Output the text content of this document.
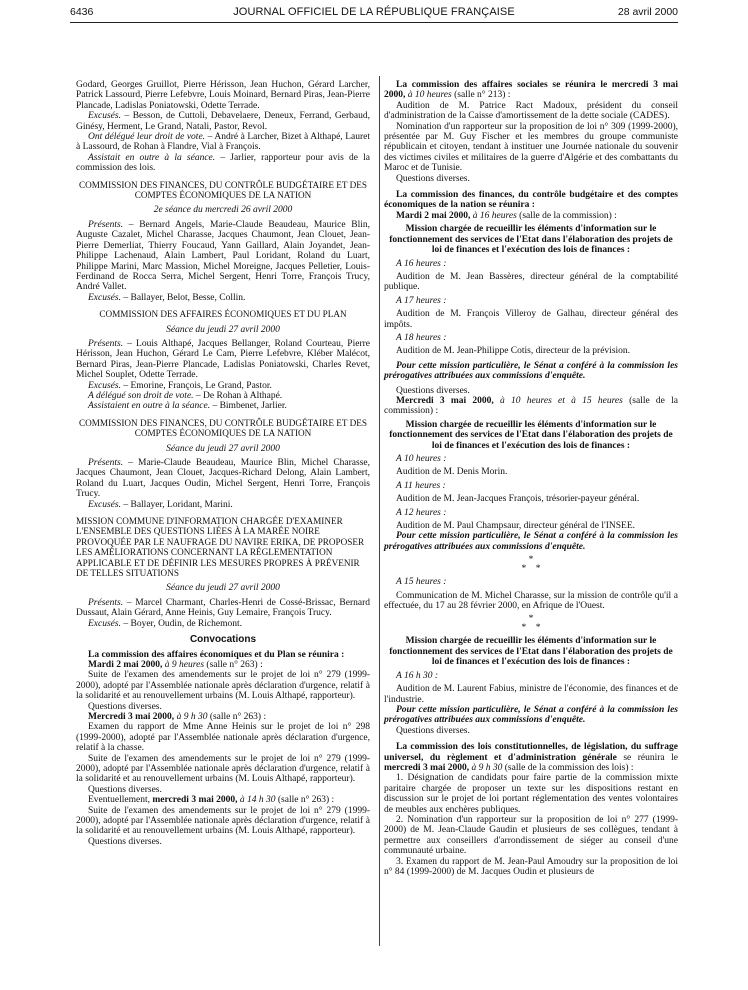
6436	JOURNAL OFFICIEL DE LA RÉPUBLIQUE FRANÇAISE	28 avril 2000

Godard, Georges Gruillot, Pierre Hérisson, Jean Huchon, Gérard Larcher, Patrick Lassourd, Pierre Lefebvre, Louis Moinard, Bernard Piras, Jean-Pierre Plancade, Ladislas Poniatowski, Odette Terrade.

Excusés. – Besson, de Cuttoli, Debavelaere, Deneux, Ferrand, Gerbaud, Ginésy, Herment, Le Grand, Natali, Pastor, Revol.

Ont délégué leur droit de vote. – André à Larcher, Bizet à Althapé, Lauret à Lassourd, de Rohan à Flandre, Vial à François.

Assistait en outre à la séance. – Jarlier, rapporteur pour avis de la commission des lois.

COMMISSION DES FINANCES, DU CONTRÔLE BUDGÉTAIRE ET DES COMPTES ÉCONOMIQUES DE LA NATION

2e séance du mercredi 26 avril 2000

Présents. – Bernard Angels, Marie-Claude Beaudeau, Maurice Blin, Auguste Cazalet, Michel Charasse, Jacques Chaumont, Jean Clouet, Jean-Pierre Demerliat, Thierry Foucaud, Yann Gaillard, Alain Joyandet, Jean-Philippe Lachenaud, Alain Lambert, Paul Loridant, Roland du Luart, Philippe Marini, Marc Massion, Michel Moreigne, Jacques Pelletier, Louis-Ferdinand de Rocca Serra, Michel Sergent, Henri Torre, François Trucy, André Vallet.

Excusés. – Ballayer, Belot, Besse, Collin.

COMMISSION DES AFFAIRES ÉCONOMIQUES ET DU PLAN

Séance du jeudi 27 avril 2000

Présents. – Louis Althapé, Jacques Bellanger, Roland Courteau, Pierre Hérisson, Jean Huchon, Gérard Le Cam, Pierre Lefebvre, Kléber Malécot, Bernard Piras, Jean-Pierre Plancade, Ladislas Poniatowski, Charles Revet, Michel Souplet, Odette Terrade.

Excusés. – Emorine, François, Le Grand, Pastor.

A délégué son droit de vote. – De Rohan à Althapé.

Assistaient en outre à la séance. – Bimbenet, Jarlier.

COMMISSION DES FINANCES, DU CONTRÔLE BUDGÉTAIRE ET DES COMPTES ÉCONOMIQUES DE LA NATION

Séance du jeudi 27 avril 2000

Présents. – Marie-Claude Beaudeau, Maurice Blin, Michel Charasse, Jacques Chaumont, Jean Clouet, Jacques-Richard Delong, Alain Lambert, Roland du Luart, Jacques Oudin, Michel Sergent, Henri Torre, François Trucy.

Excusés. – Ballayer, Loridant, Marini.

MISSION COMMUNE D'INFORMATION CHARGÉE D'EXAMINER L'ENSEMBLE DES QUESTIONS LIÉES À LA MARÉE NOIRE PROVOQUÉE PAR LE NAUFRAGE DU NAVIRE ERIKA, DE PROPOSER LES AMÉLIORATIONS CONCERNANT LA RÉGLEMENTATION APPLICABLE ET DE DÉFINIR LES MESURES PROPRES À PRÉVENIR DE TELLES SITUATIONS

Séance du jeudi 27 avril 2000

Présents. – Marcel Charmant, Charles-Henri de Cossé-Brissac, Bernard Dussaut, Alain Gérard, Anne Heinis, Guy Lemaire, François Trucy.

Excusés. – Boyer, Oudin, de Richemont.

Convocations

La commission des affaires économiques et du Plan se réunira :

Mardi 2 mai 2000, à 9 heures (salle n° 263) :

Suite de l'examen des amendements sur le projet de loi n° 279 (1999-2000), adopté par l'Assemblée nationale après déclaration d'urgence, relatif à la solidarité et au renouvellement urbains (M. Louis Althapé, rapporteur).

Questions diverses.

Mercredi 3 mai 2000, à 9 h 30 (salle n° 263) :

Examen du rapport de Mme Anne Heinis sur le projet de loi n° 298 (1999-2000), adopté par l'Assemblée nationale après déclaration d'urgence, relatif à la chasse.

Suite de l'examen des amendements sur le projet de loi n° 279 (1999-2000), adopté par l'Assemblée nationale après déclaration d'urgence, relatif à la solidarité et au renouvellement urbains (M. Louis Althapé, rapporteur).

Questions diverses.

Eventuellement, mercredi 3 mai 2000, à 14 h 30 (salle n° 263) :

Suite de l'examen des amendements sur le projet de loi n° 279 (1999-2000), adopté par l'Assemblée nationale après déclaration d'urgence, relatif à la solidarité et au renouvellement urbains (M. Louis Althapé, rapporteur).

Questions diverses.

La commission des affaires sociales se réunira le mercredi 3 mai 2000, à 10 heures (salle n° 213) :

Audition de M. Patrice Ract Madoux, président du conseil d'administration de la Caisse d'amortissement de la dette sociale (CADES).

Nomination d'un rapporteur sur la proposition de loi n° 309 (1999-2000), présentée par M. Guy Fischer et les membres du groupe communiste républicain et citoyen, tendant à instituer une Journée nationale du souvenir des victimes civiles et militaires de la guerre d'Algérie et des combattants du Maroc et de Tunisie.

Questions diverses.

La commission des finances, du contrôle budgétaire et des comptes économiques de la nation se réunira :

Mardi 2 mai 2000, à 16 heures (salle de la commission) :

Mission chargée de recueillir les éléments d'information sur le fonctionnement des services de l'Etat dans l'élaboration des projets de loi de finances et l'exécution des lois de finances :

A 16 heures :

Audition de M. Jean Bassères, directeur général de la comptabilité publique.

A 17 heures :

Audition de M. François Villeroy de Galhau, directeur général des impôts.

A 18 heures :

Audition de M. Jean-Philippe Cotis, directeur de la prévision.

Pour cette mission particulière, le Sénat a conféré à la commission les prérogatives attribuées aux commissions d'enquête.

Questions diverses.

Mercredi 3 mai 2000, à 10 heures et à 15 heures (salle de la commission) :

Mission chargée de recueillir les éléments d'information sur le fonctionnement des services de l'Etat dans l'élaboration des projets de loi de finances et l'exécution des lois de finances :

A 10 heures :

Audition de M. Denis Morin.

A 11 heures :

Audition de M. Jean-Jacques François, trésorier-payeur général.

A 12 heures :

Audition de M. Paul Champsaur, directeur général de l'INSEE.

Pour cette mission particulière, le Sénat a conféré à la commission les prérogatives attribuées aux commissions d'enquête.

*
* *

A 15 heures :

Communication de M. Michel Charasse, sur la mission de contrôle qu'il a effectuée, du 17 au 28 février 2000, en Afrique de l'Ouest.

*
* *

Mission chargée de recueillir les éléments d'information sur le fonctionnement des services de l'Etat dans l'élaboration des projets de loi de finances et l'exécution des lois de finances :

A 16 h 30 :

Audition de M. Laurent Fabius, ministre de l'économie, des finances et de l'industrie.

Pour cette mission particulière, le Sénat a conféré à la commission les prérogatives attribuées aux commissions d'enquête.

Questions diverses.

La commission des lois constitutionnelles, de législation, du suffrage universel, du règlement et d'administration générale se réunira le mercredi 3 mai 2000, à 9 h 30 (salle de la commission des lois) :

1. Désignation de candidats pour faire partie de la commission mixte paritaire chargée de proposer un texte sur les dispositions restant en discussion sur le projet de loi portant réglementation des ventes volontaires de meubles aux enchères publiques.

2. Nomination d'un rapporteur sur la proposition de loi n° 277 (1999-2000) de M. Jean-Claude Gaudin et plusieurs de ses collègues, tendant à permettre aux conseillers d'arrondissement de siéger au conseil d'une communauté urbaine.

3. Examen du rapport de M. Jean-Paul Amoudry sur la proposition de loi n° 84 (1999-2000) de M. Jacques Oudin et plusieurs de
